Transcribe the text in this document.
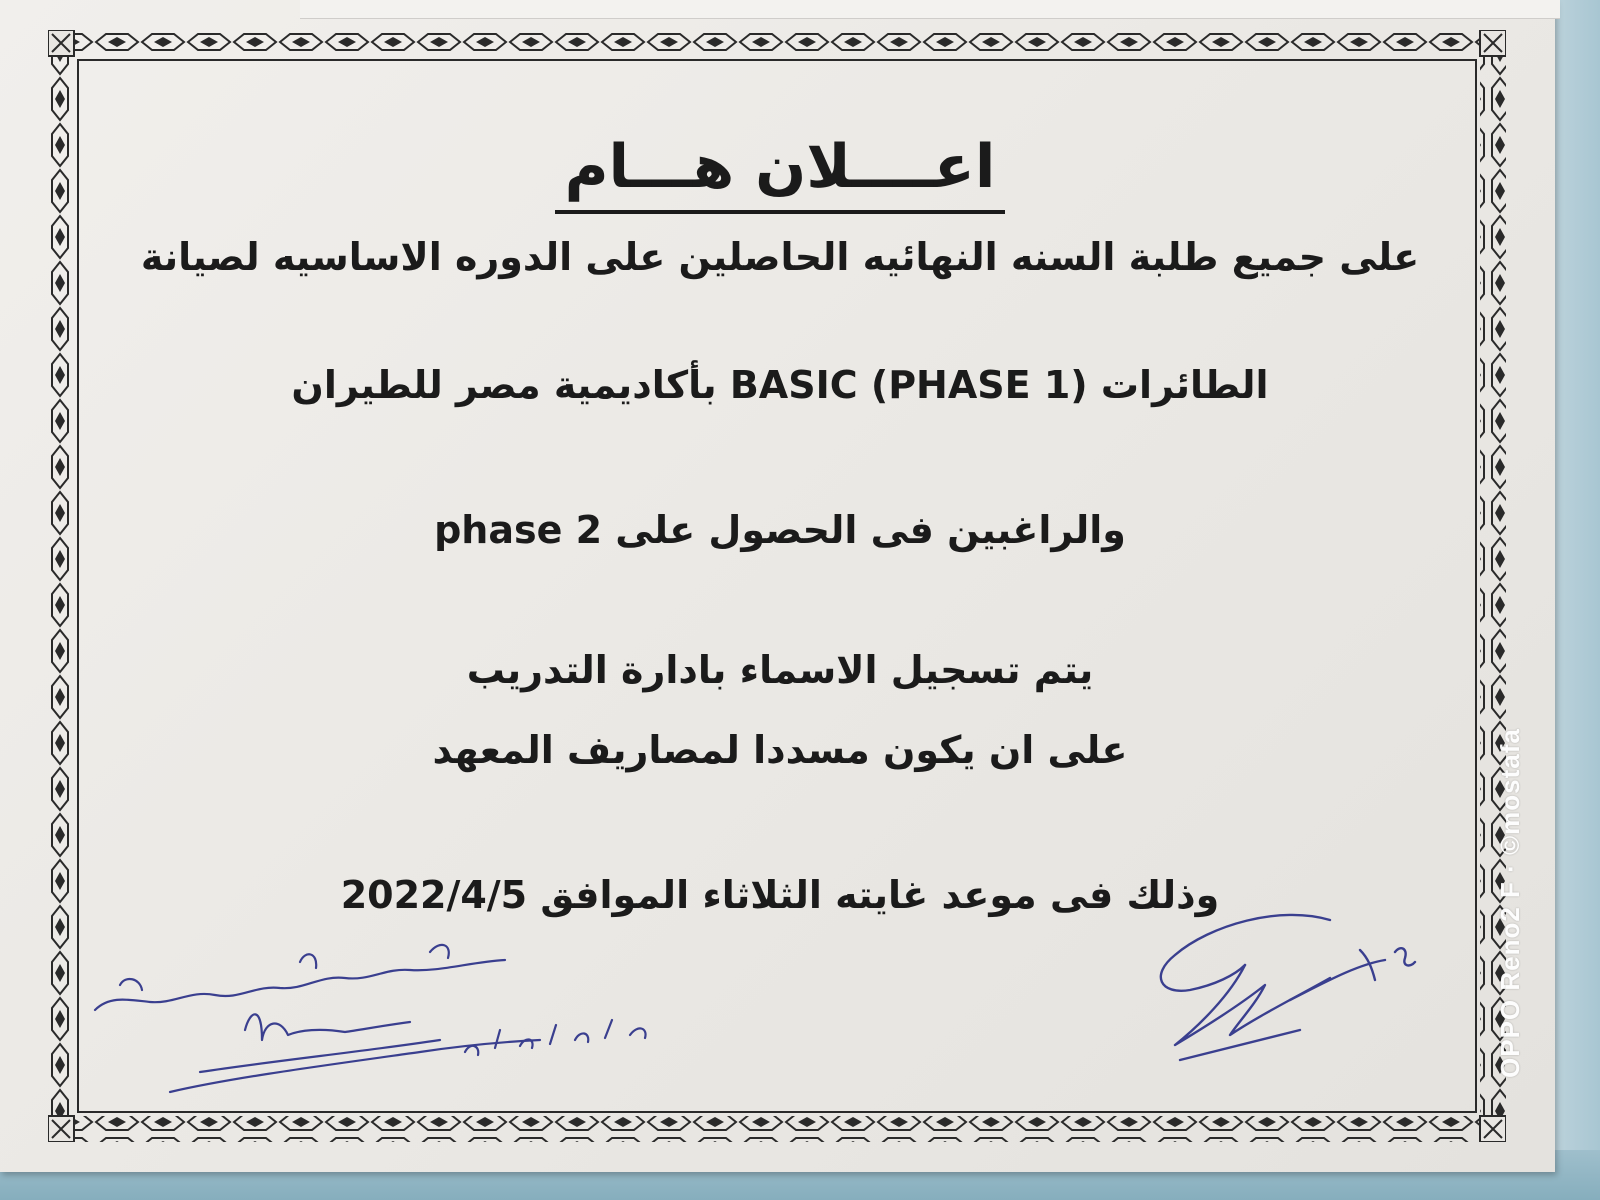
اعــــلان هـــام
على جميع طلبة السنه النهائيه الحاصلين على الدوره الاساسيه لصيانة
الطائرات BASIC (PHASE 1) بأكاديمية مصر للطيران
والراغبين فى الحصول على phase 2
يتم تسجيل الاسماء بادارة التدريب
على ان يكون مسددا لمصاريف المعهد
وذلك فى موعد غايته الثلاثاء الموافق 2022/4/5	OPPO Reno2 F · ©mostafa
